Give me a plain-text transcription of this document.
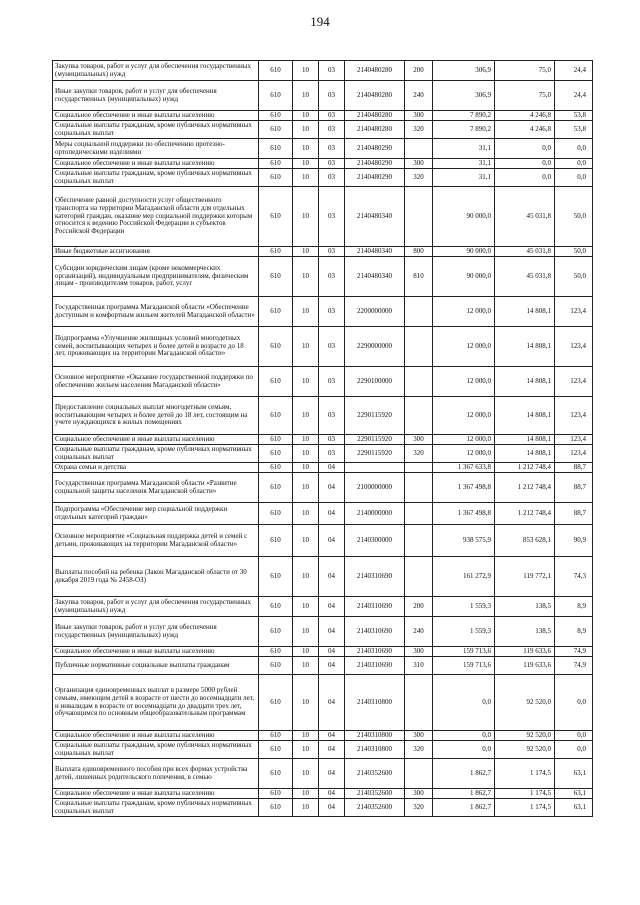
194
Закупка товаров, работ и услуг для обеспечения государственных (муниципальных) нужд	610	10	03	2140480280	200	306,9	75,0	24,4
Иные закупки товаров, работ и услуг для обеспечения государственных (муниципальных) нужд	610	10	03	2140480280	240	306,9	75,0	24,4
Социальное обеспечение и иные выплаты населению	610	10	03	2140480280	300	7 890,2	4 246,8	53,8
Социальные выплаты гражданам, кроме публичных нормативных социальных выплат	610	10	03	2140480280	320	7 890,2	4 246,8	53,8
Меры социальной поддержки по обеспечению протезно-ортопедическими изделиями	610	10	03	2140480290		31,1	0,0	0,0
Социальное обеспечение и иные выплаты населению	610	10	03	2140480290	300	31,1	0,0	0,0
Социальные выплаты гражданам, кроме публичных нормативных социальных выплат	610	10	03	2140480290	320	31,1	0,0	0,0
Обеспечение равной доступности услуг общественного транспорта на территории Магаданской области для отдельных категорий граждан, оказание мер социальной поддержки которым относится к ведению Российской Федерации и субъектов Российской Федерации	610	10	03	2140480340		90 000,0	45 031,8	50,0
Иные бюджетные ассигнования	610	10	03	2140480340	800	90 000,0	45 031,8	50,0
Субсидии юридическим лицам (кроме некоммерческих организаций), индивидуальным предпринимателям, физическим лицам - производителям товаров, работ, услуг	610	10	03	2140480340	810	90 000,0	45 031,8	50,0
Государственная программа Магаданской области «Обеспечение доступным и комфортным жильем жителей Магаданской области»	610	10	03	2200000000		12 000,0	14 808,1	123,4
Подпрограмма «Улучшение жилищных условий многодетных семей, воспитывающих четырех и более детей в возрасте до 18 лет, проживающих на территории Магаданской области»	610	10	03	2290000000		12 000,0	14 808,1	123,4
Основное мероприятие «Оказание государственной поддержки по обеспечению жильем населения Магаданской области»	610	10	03	2290100000		12 000,0	14 808,1	123,4
Предоставление социальных выплат многодетным семьям, воспитывающим четырех и более детей до 18 лет, состоящим на учете нуждающихся в жилых помещениях	610	10	03	2290115920		12 000,0	14 808,1	123,4
Социальное обеспечение и иные выплаты населению	610	10	03	2290115920	300	12 000,0	14 808,1	123,4
Социальные выплаты гражданам, кроме публичных нормативных социальных выплат	610	10	03	2290115920	320	12 000,0	14 808,1	123,4
Охрана семьи и детства	610	10	04			1 367 633,8	1 212 748,4	88,7
Государственная программа Магаданской области «Развитие социальной защиты населения Магаданской области»	610	10	04	2100000000		1 367 498,8	1 212 748,4	88,7
Подпрограмма «Обеспечение мер социальной поддержки отдельных категорий граждан»	610	10	04	2140000000		1 367 498,8	1 212 748,4	88,7
Основное мероприятие «Социальная поддержка детей и семей с детьми, проживающих на территории Магаданской области»	610	10	04	2140300000		938 575,9	853 628,1	90,9
Выплаты пособий на ребенка (Закон Магаданской области от 30 декабря 2019 года № 2458-ОЗ)	610	10	04	2140310690		161 272,9	119 772,1	74,3
Закупка товаров, работ и услуг для обеспечения государственных (муниципальных) нужд	610	10	04	2140310690	200	1 559,3	138,5	8,9
Иные закупки товаров, работ и услуг для обеспечения государственных (муниципальных) нужд	610	10	04	2140310690	240	1 559,3	138,5	8,9
Социальное обеспечение и иные выплаты населению	610	10	04	2140310690	300	159 713,6	119 633,6	74,9
Публичные нормативные социальные выплаты гражданам	610	10	04	2140310690	310	159 713,6	119 633,6	74,9
Организация единовременных выплат в размере 5000 рублей семьям, имеющим детей в возрасте от шести до восемнадцати лет, и инвалидам в возрасте от восемнадцати до двадцати трех лет, обучающимся по основным общеобразовательным программам	610	10	04	2140310800		0,0	92 520,0	0,0
Социальное обеспечение и иные выплаты населению	610	10	04	2140310800	300	0,0	92 520,0	0,0
Социальные выплаты гражданам, кроме публичных нормативных социальных выплат	610	10	04	2140310800	320	0,0	92 520,0	0,0
Выплата единовременного пособия при всех формах устройства детей, лишенных родительского попечения, в семью	610	10	04	2140352600		1 862,7	1 174,5	63,1
Социальное обеспечение и иные выплаты населению	610	10	04	2140352600	300	1 862,7	1 174,5	63,1
Социальные выплаты гражданам, кроме публичных нормативных социальных выплат	610	10	04	2140352600	320	1 862,7	1 174,5	63,1
